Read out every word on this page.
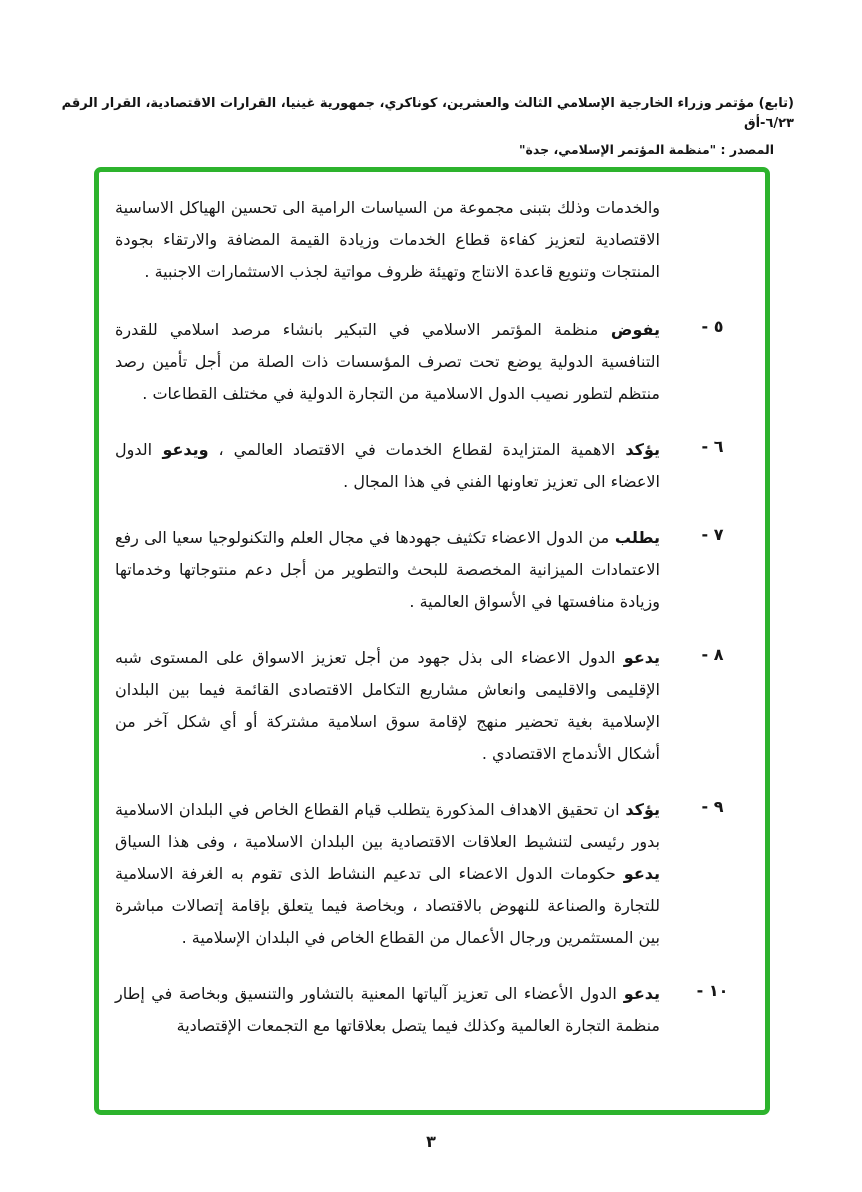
(تابع) مؤتمر وزراء الخارجية الإسلامي الثالث والعشرين، كوناكري، جمهورية غينيا، القرارات الاقتصادية، القرار الرقم ٦/٢٣-أق
المصدر : "منظمة المؤتمر الإسلامي، جدة"

والخدمات وذلك بتبنى مجموعة من السياسات الرامية الى تحسين الهياكل الاساسية الاقتصادية لتعزيز كفاءة قطاع الخدمات وزيادة القيمة المضافة والارتقاء بجودة المنتجات وتنويع قاعدة الانتاج وتهيئة ظروف مواتية لجذب الاستثمارات الاجنبية .

٥ -

يفوض منظمة المؤتمر الاسلامي في التبكير بانشاء مرصد اسلامي للقدرة التنافسية الدولية يوضع تحت تصرف المؤسسات ذات الصلة من أجل تأمين رصد منتظم لتطور نصيب الدول الاسلامية من التجارة الدولية في مختلف القطاعات .

٦ -

يؤكد الاهمية المتزايدة لقطاع الخدمات في الاقتصاد العالمي ، ويدعو الدول الاعضاء الى تعزيز تعاونها الفني في هذا المجال .

٧ -

يطلب من الدول الاعضاء تكثيف جهودها في مجال العلم والتكنولوجيا سعيا الى رفع الاعتمادات الميزانية المخصصة للبحث والتطوير من أجل دعم منتوجاتها وخدماتها وزيادة منافستها في الأسواق العالمية .

٨ -

يدعو الدول الاعضاء الى بذل جهود من أجل تعزيز الاسواق على المستوى شبه الإقليمى والاقليمى وانعاش مشاريع التكامل الاقتصادى القائمة فيما بين البلدان الإسلامية بغية تحضير منهج لإقامة سوق اسلامية مشتركة أو أي شكل آخر من أشكال الأندماج الاقتصادي .

٩ -

يؤكد ان تحقيق الاهداف المذكورة يتطلب قيام القطاع الخاص في البلدان الاسلامية بدور رئيسى لتنشيط العلاقات الاقتصادية بين البلدان الاسلامية ، وفى هذا السياق يدعو حكومات الدول الاعضاء الى تدعيم النشاط الذى تقوم به الغرفة الاسلامية للتجارة والصناعة للنهوض بالاقتصاد ، وبخاصة فيما يتعلق بإقامة إتصالات مباشرة بين المستثمرين ورجال الأعمال من القطاع الخاص في البلدان الإسلامية .

١٠ -

يدعو الدول الأعضاء الى تعزيز آلياتها المعنية بالتشاور والتنسيق وبخاصة في إطار منظمة التجارة العالمية وكذلك فيما يتصل بعلاقاتها مع التجمعات الإقتصادية

٣
